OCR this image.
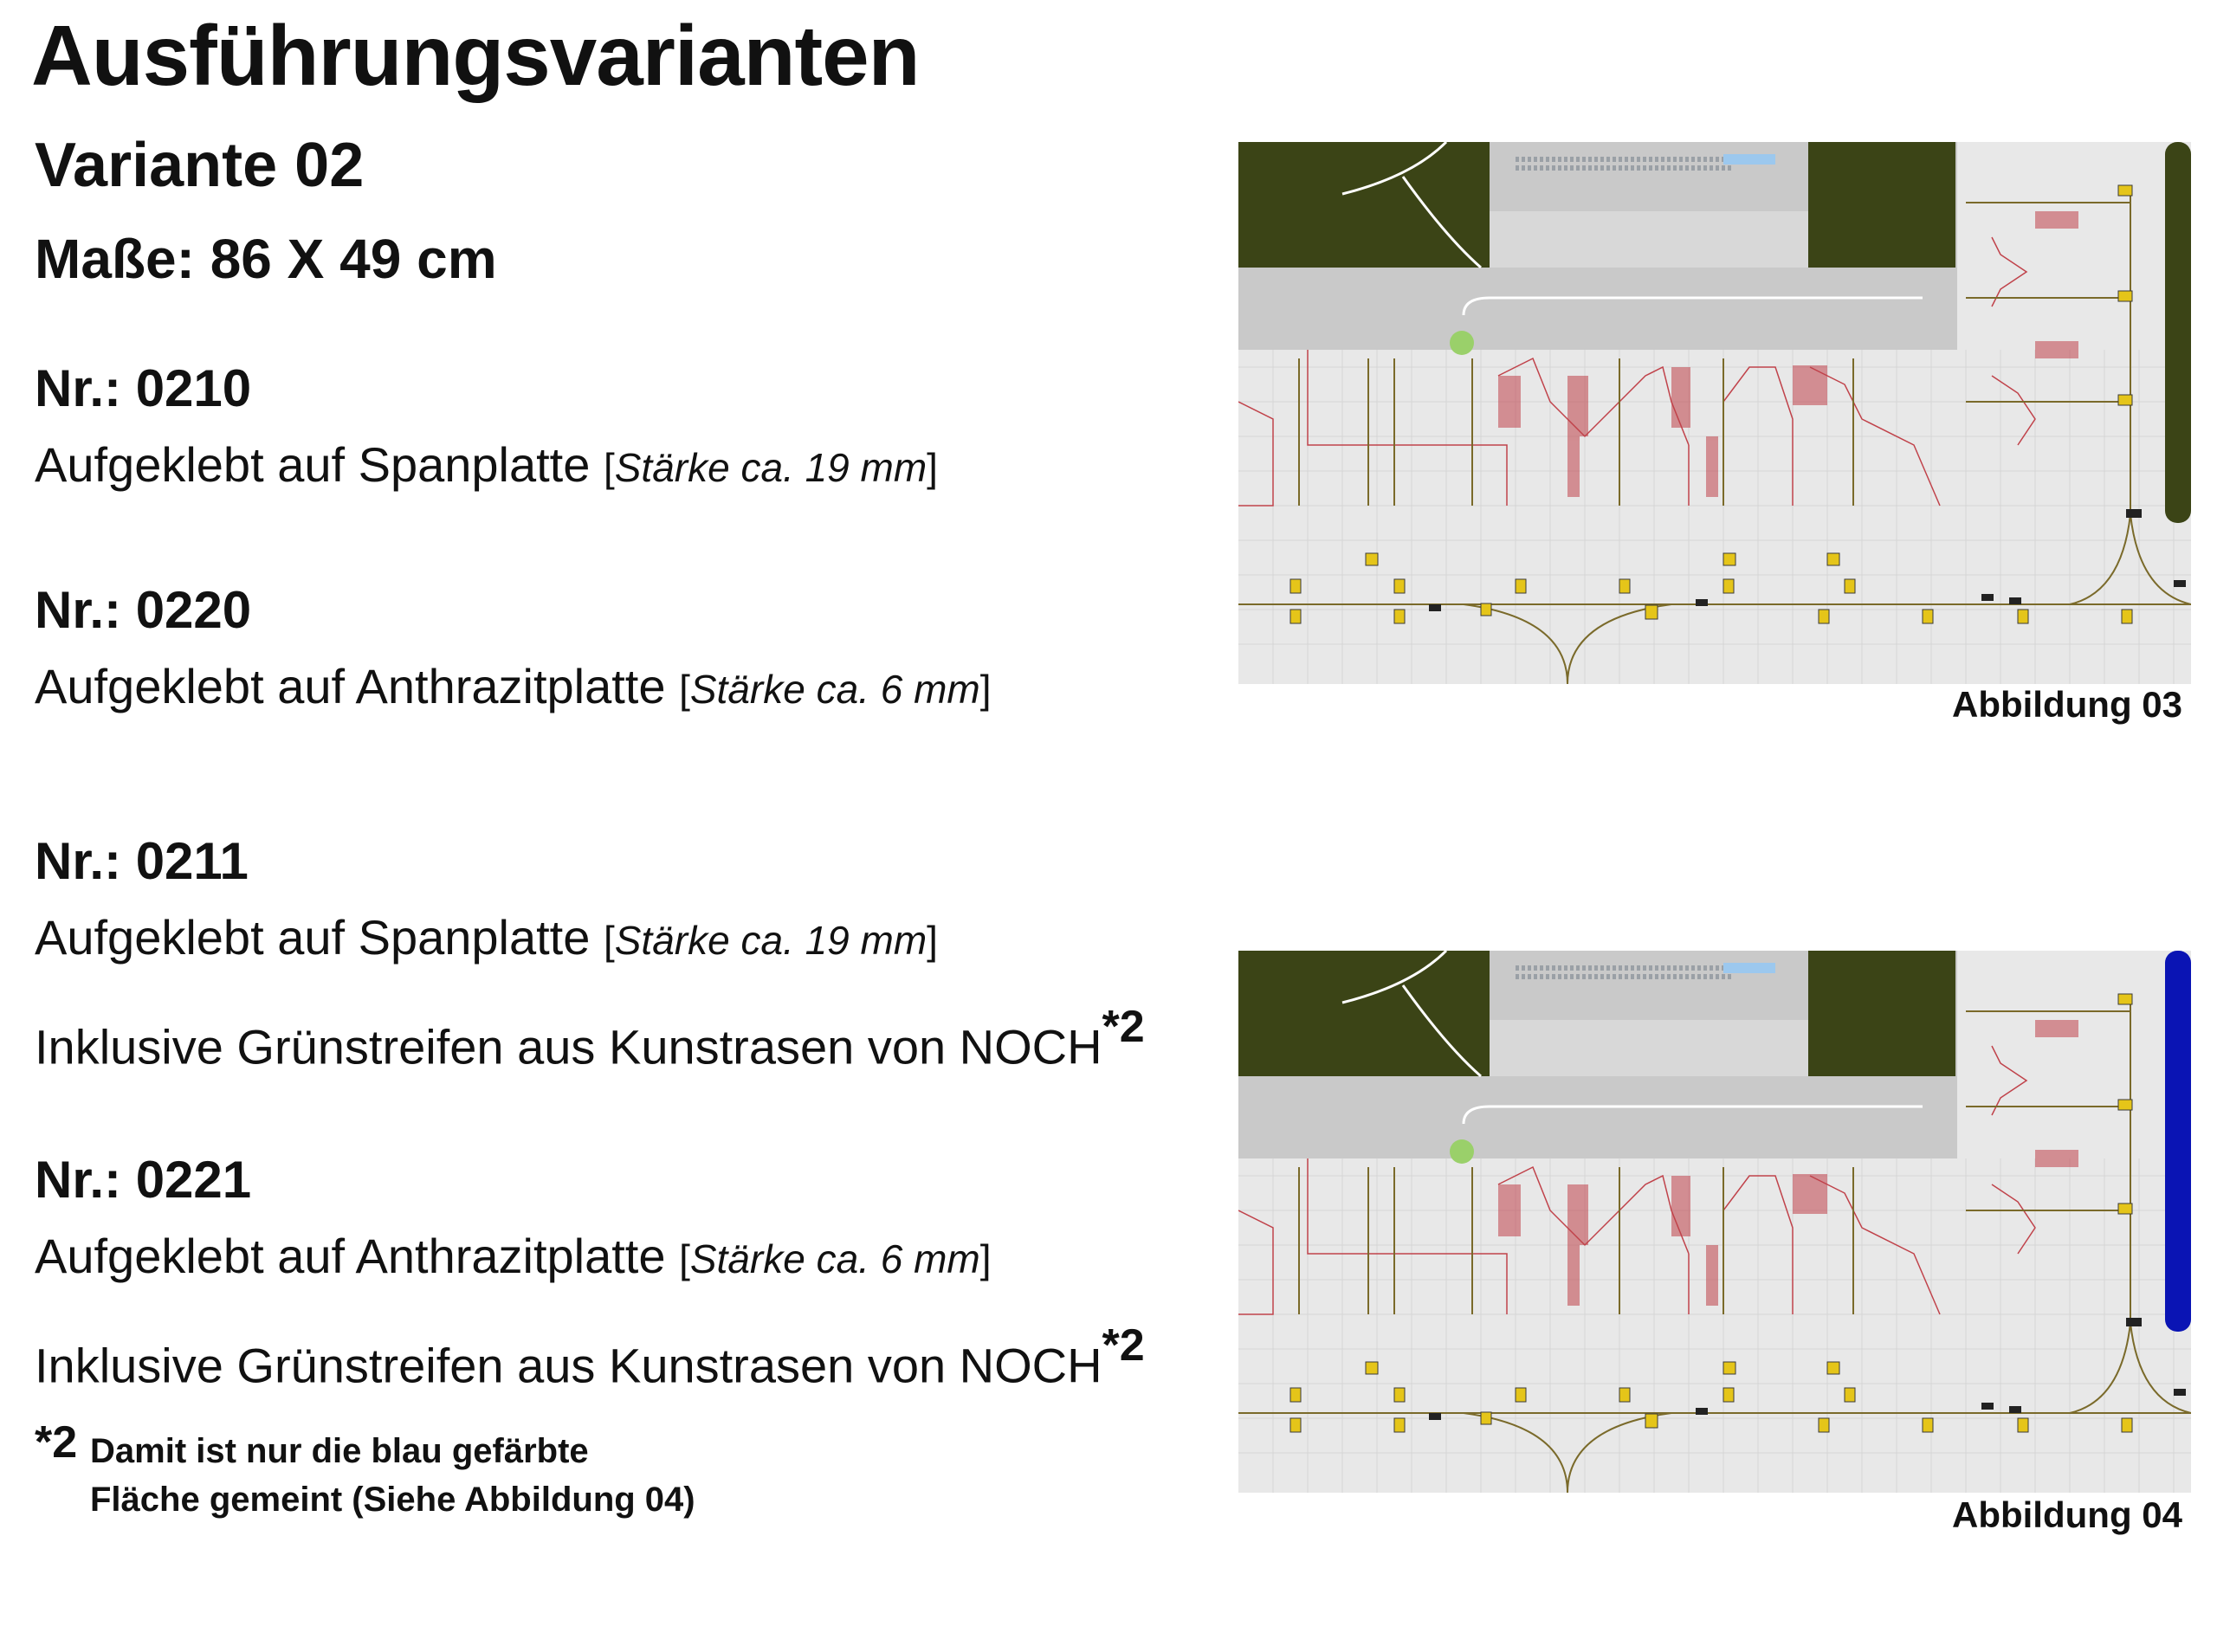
Ausführungsvarianten
Variante 02
Maße: 86 X 49 cm
Nr.: 0210
Aufgeklebt auf Spanplatte [Stärke ca. 19 mm]
Nr.: 0220
Aufgeklebt auf Anthrazitplatte [Stärke ca. 6 mm]
Nr.: 0211
Aufgeklebt auf Spanplatte [Stärke ca. 19 mm]
Inklusive Grünstreifen aus Kunstrasen von NOCH$^{*2}$
Nr.: 0221
Aufgeklebt auf Anthrazitplatte [Stärke ca. 6 mm]
Inklusive Grünstreifen aus Kunstrasen von NOCH$^{*2}$
*2 Damit ist nur die blau gefärbte
Fläche gemeint (Siehe Abbildung 04)
Abbildung 03
Abbildung 04
